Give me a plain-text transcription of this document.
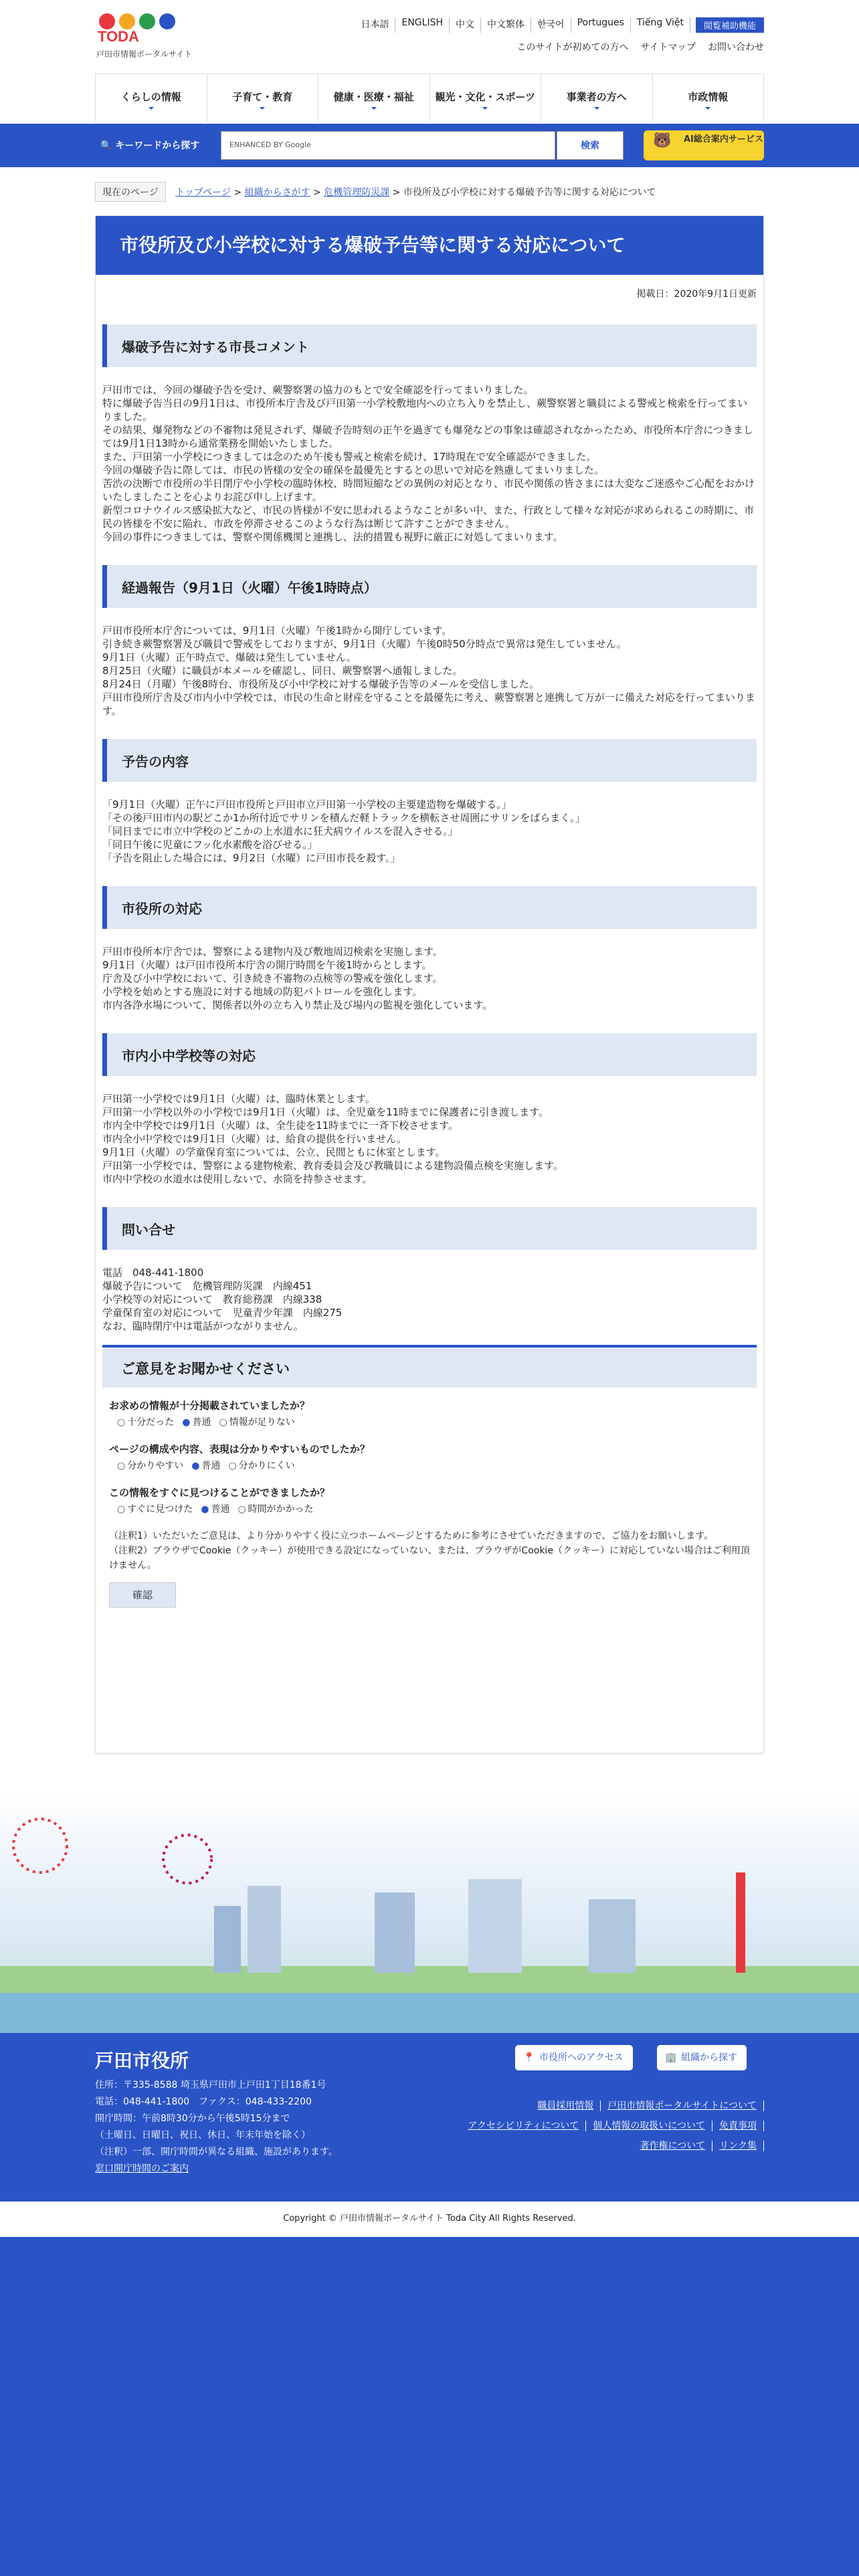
TODA
戸田市情報ポータルサイト
日本語	ENGLISH	中文	中文繁体	한국어	Portugues	Tiếng Việt	閲覧補助機能
このサイトが初めての方へ サイトマップ お問い合わせ
くらしの情報	子育て・教育	健康・医療・福祉	観光・文化・スポーツ	事業者の方へ	市政情報
🔍 キーワードから探す	ENHANCED BY Google	検索
🐻 AI総合案内サービス
現在のページ トップページ > 組織からさがす > 危機管理防災課 > 市役所及び小学校に対する爆破予告等に関する対応について
市役所及び小学校に対する爆破予告等に関する対応について
掲載日：2020年9月1日更新
爆破予告に対する市長コメント

戸田市では、今回の爆破予告を受け、蕨警察署の協力のもとで安全確認を行ってまいりました。

特に爆破予告当日の9月1日は、市役所本庁舎及び戸田第一小学校敷地内への立ち入りを禁止し、蕨警察署と職員による警戒と検索を行ってまいりました。

その結果、爆発物などの不審物は発見されず、爆破予告時刻の正午を過ぎても爆発などの事象は確認されなかったため、市役所本庁舎につきましては9月1日13時から通常業務を開始いたしました。

また、戸田第一小学校につきましては念のため午後も警戒と検索を続け、17時現在で安全確認ができました。

今回の爆破予告に際しては、市民の皆様の安全の確保を最優先とするとの思いで対応を熟慮してまいりました。

苦渋の決断で市役所の半日閉庁や小学校の臨時休校、時間短縮などの異例の対応となり、市民や関係の皆さまには大変なご迷惑やご心配をおかけいたしましたことを心よりお詫び申し上げます。

新型コロナウイルス感染拡大など、市民の皆様が不安に思われるようなことが多い中、また、行政として様々な対応が求められるこの時期に、市民の皆様を不安に陥れ、市政を停滞させるこのような行為は断じて許すことができません。

今回の事件につきましては、警察や関係機関と連携し、法的措置も視野に厳正に対処してまいります。

経過報告（9月1日（火曜）午後1時時点）

戸田市役所本庁舎については、9月1日（火曜）午後1時から開庁しています。

引き続き蕨警察署及び職員で警戒をしておりますが、9月1日（火曜）午後0時50分時点で異常は発生していません。

9月1日（火曜）正午時点で、爆破は発生していません。

8月25日（火曜）に職員が本メールを確認し、同日、蕨警察署へ通報しました。

8月24日（月曜）午後8時台、市役所及び小中学校に対する爆破予告等のメールを受信しました。

戸田市役所庁舎及び市内小中学校では、市民の生命と財産を守ることを最優先に考え、蕨警察署と連携して万が一に備えた対応を行ってまいります。

予告の内容

「9月1日（火曜）正午に戸田市役所と戸田市立戸田第一小学校の主要建造物を爆破する。」

「その後戸田市内の駅どこか1か所付近でサリンを積んだ軽トラックを横転させ周囲にサリンをばらまく。」

「同日までに市立中学校のどこかの上水道水に狂犬病ウイルスを混入させる。」

「同日午後に児童にフッ化水素酸を浴びせる。」

「予告を阻止した場合には、9月2日（水曜）に戸田市長を殺す。」

市役所の対応

戸田市役所本庁舎では、警察による建物内及び敷地周辺検索を実施します。

9月1日（火曜）は戸田市役所本庁舎の開庁時間を午後1時からとします。

庁舎及び小中学校において、引き続き不審物の点検等の警戒を強化します。

小学校を始めとする施設に対する地域の防犯パトロールを強化します。

市内各浄水場について、関係者以外の立ち入り禁止及び場内の監視を強化しています。

市内小中学校等の対応

戸田第一小学校では9月1日（火曜）は、臨時休業とします。

戸田第一小学校以外の小学校では9月1日（火曜）は、全児童を11時までに保護者に引き渡します。

市内全中学校では9月1日（火曜）は、全生徒を11時までに一斉下校させます。

市内全小中学校では9月1日（火曜）は、給食の提供を行いません。

9月1日（火曜）の学童保育室については、公立、民間ともに休室とします。

戸田第一小学校では、警察による建物検索、教育委員会及び教職員による建物設備点検を実施します。

市内中学校の水道水は使用しないで、水筒を持参させます。

問い合せ

電話　048-441-1800

爆破予告について　危機管理防災課　内線451

小学校等の対応について　教育総務課　内線338

学童保育室の対応について　児童青少年課　内線275

なお、臨時閉庁中は電話がつながりません。

ご意見をお聞かせください
お求めの情報が十分掲載されていましたか？
○ 十分だった	● 普通	○ 情報が足りない
ページの構成や内容、表現は分かりやすいものでしたか？
○ 分かりやすい	● 普通	○ 分かりにくい
この情報をすぐに見つけることができましたか？
○ すぐに見つけた	● 普通	○ 時間がかかった

（注釈1）いただいたご意見は、より分かりやすく役に立つホームページとするために参考にさせていただきますので、ご協力をお願いします。

（注釈2）ブラウザでCookie（クッキー）が使用できる設定になっていない、または、ブラウザがCookie（クッキー）に対応していない場合はご利用頂けません。

確認
戸田市役所
住所：〒335-8588 埼玉県戸田市上戸田1丁目18番1号
電話：048-441-1800　ファクス：048-433-2200
開庁時間：午前8時30分から午後5時15分まで
（土曜日、日曜日、祝日、休日、年末年始を除く）
（注釈）一部、開庁時間が異なる組織、施設があります。
窓口開庁時間のご案内
📍 市役所へのアクセス	🏢 組織から探す
職員採用情報 戸田市情報ポータルサイトについて
アクセシビリティについて 個人情報の取扱いについて 免責事項
著作権について リンク集
Copyright © 戸田市情報ポータルサイト Toda City All Rights Reserved.
